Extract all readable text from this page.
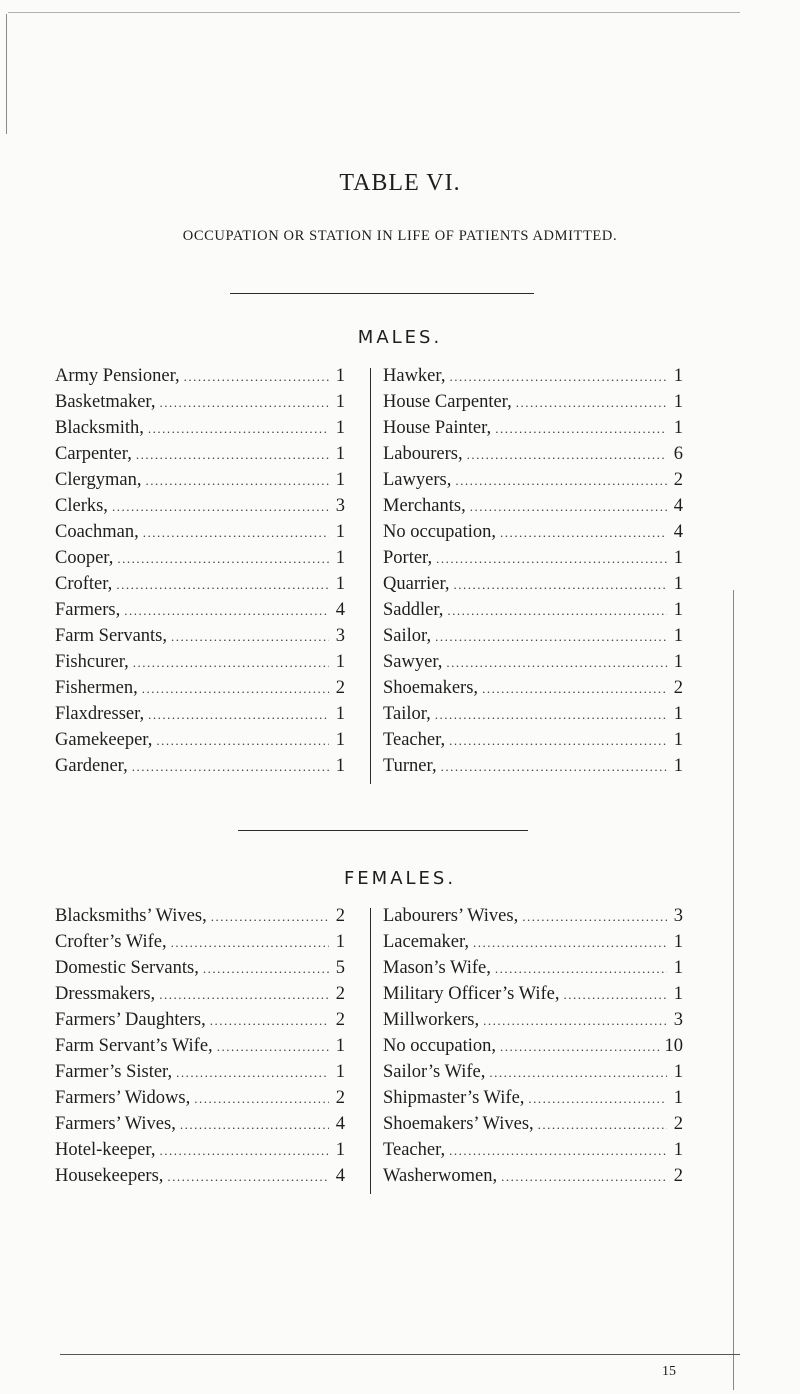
TABLE VI.
OCCUPATION OR STATION IN LIFE OF PATIENTS ADMITTED.
MALES.
Army Pensioner, .....	1
Basketmaker, .....	1
Blacksmith, .....	1
Carpenter, .....	1
Clergyman, .....	1
Clerks, .....	3
Coachman, .....	1
Cooper, .....	1
Crofter, .....	1
Farmers, .....	4
Farm Servants, .....	3
Fishcurer, .....	1
Fishermen, .....	2
Flaxdresser, .....	1
Gamekeeper, .....	1
Gardener, .....	1
Hawker, .....	1
House Carpenter, .....	1
House Painter, .....	1
Labourers, .....	6
Lawyers, .....	2
Merchants, .....	4
No occupation, .....	4
Porter, .....	1
Quarrier, .....	1
Saddler, .....	1
Sailor, .....	1
Sawyer, .....	1
Shoemakers, .....	2
Tailor, .....	1
Teacher, .....	1
Turner, .....	1
FEMALES.
Blacksmiths’ Wives, .....	2
Crofter’s Wife, .....	1
Domestic Servants, .....	5
Dressmakers, .....	2
Farmers’ Daughters, .....	2
Farm Servant’s Wife, .....	1
Farmer’s Sister, .....	1
Farmers’ Widows, .....	2
Farmers’ Wives, .....	4
Hotel-keeper, .....	1
Housekeepers, .....	4
Labourers’ Wives, .....	3
Lacemaker, .....	1
Mason’s Wife, .....	1
Military Officer’s Wife, .....	1
Millworkers, .....	3
No occupation, .....	10
Sailor’s Wife, .....	1
Shipmaster’s Wife, .....	1
Shoemakers’ Wives, .....	2
Teacher, .....	1
Washerwomen, .....	2
15
